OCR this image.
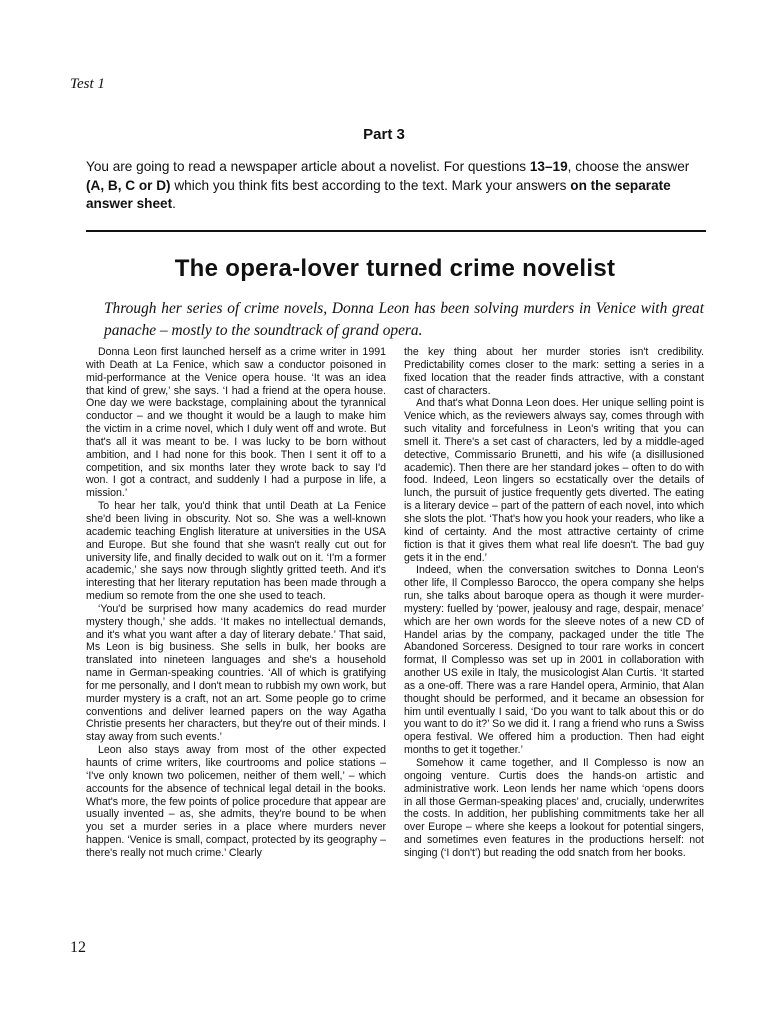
Test 1
Part 3
You are going to read a newspaper article about a novelist. For questions 13–19, choose the answer (A, B, C or D) which you think fits best according to the text. Mark your answers on the separate answer sheet.
The opera-lover turned crime novelist
Through her series of crime novels, Donna Leon has been solving murders in Venice with great panache – mostly to the soundtrack of grand opera.

Donna Leon first launched herself as a crime writer in 1991 with Death at La Fenice, which saw a conductor poisoned in mid-performance at the Venice opera house. ‘It was an idea that kind of grew,’ she says. ‘I had a friend at the opera house. One day we were backstage, complaining about the tyrannical conductor – and we thought it would be a laugh to make him the victim in a crime novel, which I duly went off and wrote. But that's all it was meant to be. I was lucky to be born without ambition, and I had none for this book. Then I sent it off to a competition, and six months later they wrote back to say I'd won. I got a contract, and suddenly I had a purpose in life, a mission.’

To hear her talk, you'd think that until Death at La Fenice she'd been living in obscurity. Not so. She was a well-known academic teaching English literature at universities in the USA and Europe. But she found that she wasn't really cut out for university life, and finally decided to walk out on it. ‘I'm a former academic,’ she says now through slightly gritted teeth. And it's interesting that her literary reputation has been made through a medium so remote from the one she used to teach.

‘You'd be surprised how many academics do read murder mystery though,’ she adds. ‘It makes no intellectual demands, and it's what you want after a day of literary debate.’ That said, Ms Leon is big business. She sells in bulk, her books are translated into nineteen languages and she's a household name in German-speaking countries. ‘All of which is gratifying for me personally, and I don't mean to rubbish my own work, but murder mystery is a craft, not an art. Some people go to crime conventions and deliver learned papers on the way Agatha Christie presents her characters, but they're out of their minds. I stay away from such events.’

Leon also stays away from most of the other expected haunts of crime writers, like courtrooms and police stations – ‘I've only known two policemen, neither of them well,’ – which accounts for the absence of technical legal detail in the books. What's more, the few points of police procedure that appear are usually invented – as, she admits, they're bound to be when you set a murder series in a place where murders never happen. ‘Venice is small, compact, protected by its geography – there's really not much crime.’ Clearly

the key thing about her murder stories isn't credibility. Predictability comes closer to the mark: setting a series in a fixed location that the reader finds attractive, with a constant cast of characters.

And that's what Donna Leon does. Her unique selling point is Venice which, as the reviewers always say, comes through with such vitality and forcefulness in Leon's writing that you can smell it. There's a set cast of characters, led by a middle-aged detective, Commissario Brunetti, and his wife (a disillusioned academic). Then there are her standard jokes – often to do with food. Indeed, Leon lingers so ecstatically over the details of lunch, the pursuit of justice frequently gets diverted. The eating is a literary device – part of the pattern of each novel, into which she slots the plot. ‘That's how you hook your readers, who like a kind of certainty. And the most attractive certainty of crime fiction is that it gives them what real life doesn't. The bad guy gets it in the end.’

Indeed, when the conversation switches to Donna Leon's other life, Il Complesso Barocco, the opera company she helps run, she talks about baroque opera as though it were murder-mystery: fuelled by ‘power, jealousy and rage, despair, menace’ which are her own words for the sleeve notes of a new CD of Handel arias by the company, packaged under the title The Abandoned Sorceress. Designed to tour rare works in concert format, Il Complesso was set up in 2001 in collaboration with another US exile in Italy, the musicologist Alan Curtis. ‘It started as a one-off. There was a rare Handel opera, Arminio, that Alan thought should be performed, and it became an obsession for him until eventually I said, ‘Do you want to talk about this or do you want to do it?’ So we did it. I rang a friend who runs a Swiss opera festival. We offered him a production. Then had eight months to get it together.’

Somehow it came together, and Il Complesso is now an ongoing venture. Curtis does the hands-on artistic and administrative work. Leon lends her name which ‘opens doors in all those German-speaking places’ and, crucially, underwrites the costs. In addition, her publishing commitments take her all over Europe – where she keeps a lookout for potential singers, and sometimes even features in the productions herself: not singing (‘I don't’) but reading the odd snatch from her books.

12
